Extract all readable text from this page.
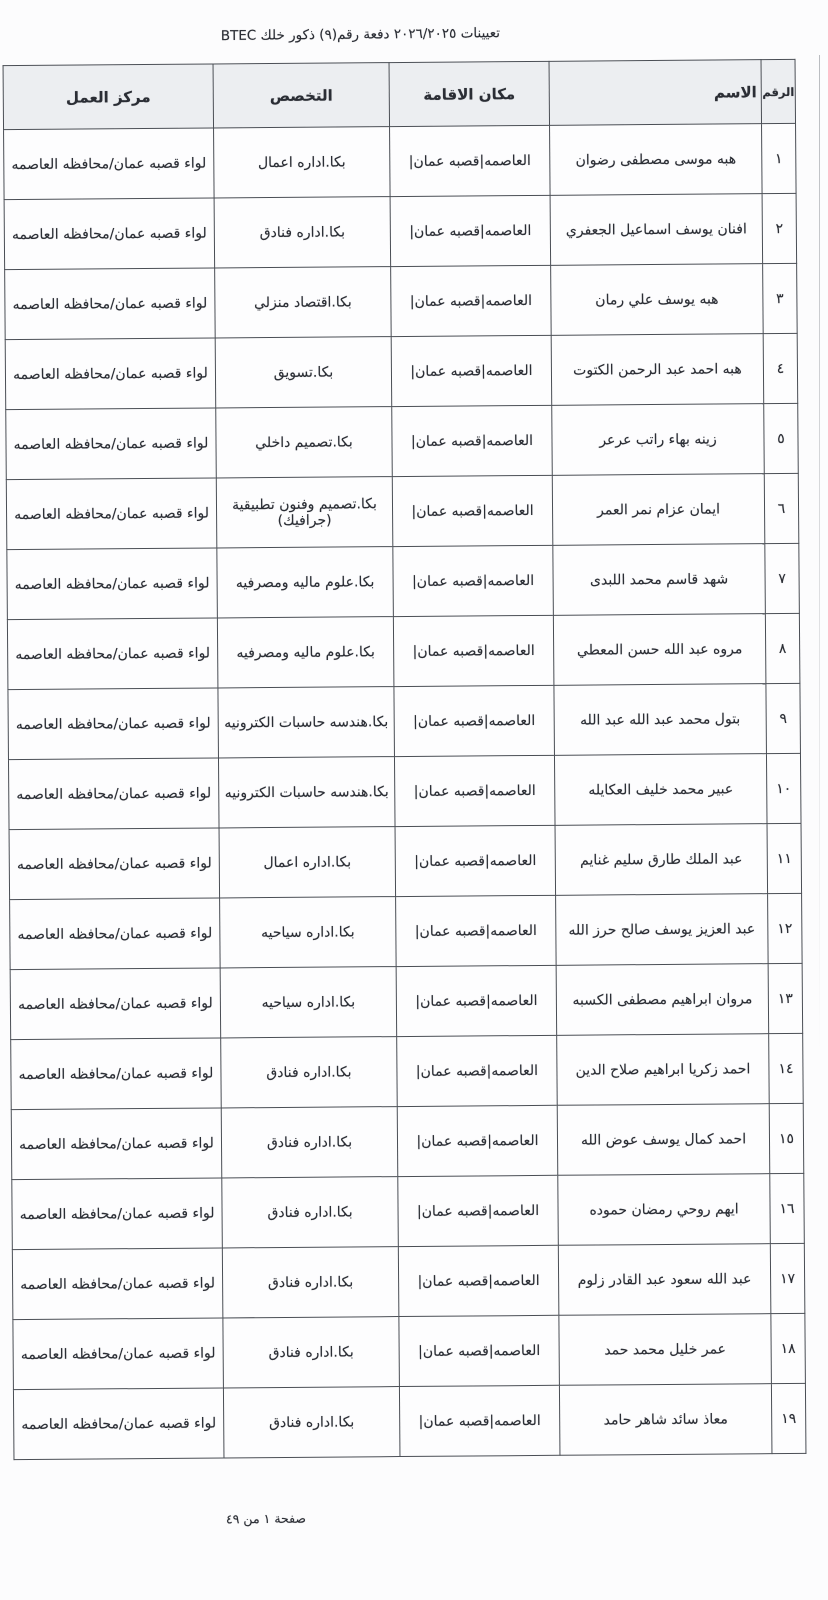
تعيينات ٢٠٢٦/٢٠٢٥ دفعة رقم(٩) ذكور خلك BTEC
الرقم	الاسم	مكان الاقامة	التخصص	مركز العمل
١	هبه موسى مصطفى رضوان	العاصمه|قصبه عمان|	بكا.اداره اعمال	لواء قصبه عمان/محافظه العاصمه
٢	افنان يوسف اسماعيل الجعفري	العاصمه|قصبه عمان|	بكا.اداره فنادق	لواء قصبه عمان/محافظه العاصمه
٣	هبه يوسف علي رمان	العاصمه|قصبه عمان|	بكا.اقتصاد منزلي	لواء قصبه عمان/محافظه العاصمه
٤	هبه احمد عبد الرحمن الكتوت	العاصمه|قصبه عمان|	بكا.تسويق	لواء قصبه عمان/محافظه العاصمه
٥	زينه بهاء راتب عرعر	العاصمه|قصبه عمان|	بكا.تصميم داخلي	لواء قصبه عمان/محافظه العاصمه
٦	ايمان عزام نمر العمر	العاصمه|قصبه عمان|	بكا.تصميم وفنون تطبيقية (جرافيك)	لواء قصبه عمان/محافظه العاصمه
٧	شهد قاسم محمد اللبدى	العاصمه|قصبه عمان|	بكا.علوم ماليه ومصرفيه	لواء قصبه عمان/محافظه العاصمه
٨	مروه عبد الله حسن المعطي	العاصمه|قصبه عمان|	بكا.علوم ماليه ومصرفيه	لواء قصبه عمان/محافظه العاصمه
٩	بتول محمد عبد الله عبد الله	العاصمه|قصبه عمان|	بكا.هندسه حاسبات الكترونيه	لواء قصبه عمان/محافظه العاصمه
١٠	عبير محمد خليف العكايله	العاصمه|قصبه عمان|	بكا.هندسه حاسبات الكترونيه	لواء قصبه عمان/محافظه العاصمه
١١	عبد الملك طارق سليم غنايم	العاصمه|قصبه عمان|	بكا.اداره اعمال	لواء قصبه عمان/محافظه العاصمه
١٢	عبد العزيز يوسف صالح حرز الله	العاصمه|قصبه عمان|	بكا.اداره سياحيه	لواء قصبه عمان/محافظه العاصمه
١٣	مروان ابراهيم مصطفى الكسبه	العاصمه|قصبه عمان|	بكا.اداره سياحيه	لواء قصبه عمان/محافظه العاصمه
١٤	احمد زكريا ابراهيم صلاح الدين	العاصمه|قصبه عمان|	بكا.اداره فنادق	لواء قصبه عمان/محافظه العاصمه
١٥	احمد كمال يوسف عوض الله	العاصمه|قصبه عمان|	بكا.اداره فنادق	لواء قصبه عمان/محافظه العاصمه
١٦	ايهم روحي رمضان حموده	العاصمه|قصبه عمان|	بكا.اداره فنادق	لواء قصبه عمان/محافظه العاصمه
١٧	عبد الله سعود عبد القادر زلوم	العاصمه|قصبه عمان|	بكا.اداره فنادق	لواء قصبه عمان/محافظه العاصمه
١٨	عمر خليل محمد حمد	العاصمه|قصبه عمان|	بكا.اداره فنادق	لواء قصبه عمان/محافظه العاصمه
١٩	معاذ سائد شاهر حامد	العاصمه|قصبه عمان|	بكا.اداره فنادق	لواء قصبه عمان/محافظه العاصمه
صفحة ١ من ٤٩
